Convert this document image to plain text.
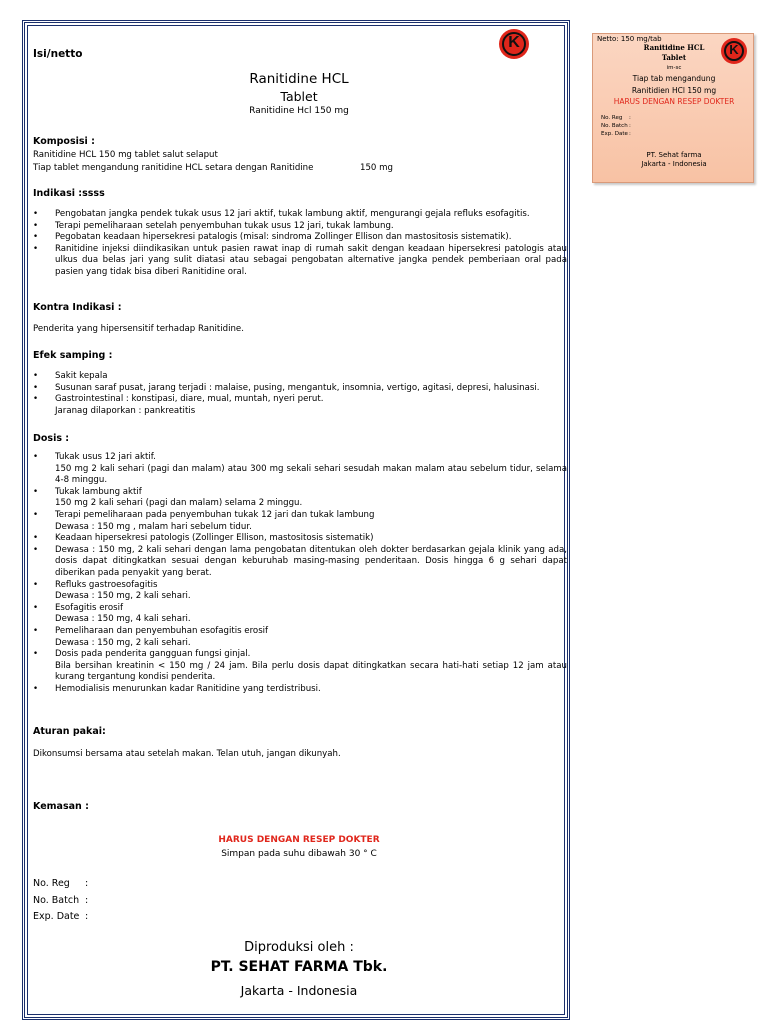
Isi/netto
K
Ranitidine HCL
Tablet
Ranitidine Hcl 150 mg
Komposisi :
Ranitidine HCL 150 mg tablet salut selaput
Tiap tablet mengandung ranitidine HCL setara dengan Ranitidine	150 mg
Indikasi :ssss
• Pengobatan jangka pendek tukak usus 12 jari aktif, tukak lambung aktif, mengurangi gejala refluks esofagitis.
• Terapi pemeliharaan setelah penyembuhan tukak usus 12 jari, tukak lambung.
• Pegobatan keadaan hipersekresi patalogis (misal: sindroma Zollinger Ellison dan mastositosis sistematik).
• Ranitidine injeksi diindikasikan untuk pasien rawat inap di rumah sakit dengan keadaan hipersekresi patologis atau ulkus dua belas jari yang sulit diatasi atau sebagai pengobatan alternative jangka pendek pemberiaan oral pada pasien yang tidak bisa diberi Ranitidine oral.
Kontra Indikasi :
Penderita yang hipersensitif terhadap Ranitidine.
Efek samping :
• Sakit kepala
• Susunan saraf pusat, jarang terjadi : malaise, pusing, mengantuk, insomnia, vertigo, agitasi, depresi, halusinasi.
• Gastrointestinal : konstipasi, diare, mual, muntah, nyeri perut.
Jaranag dilaporkan : pankreatitis
Dosis :
• Tukak usus 12 jari aktif.
150 mg 2 kali sehari (pagi dan malam) atau 300 mg sekali sehari sesudah makan malam atau sebelum tidur, selama 4-8 minggu.
• Tukak lambung aktif
150 mg 2 kali sehari (pagi dan malam) selama 2 minggu.
• Terapi pemeliharaan pada penyembuhan tukak 12 jari dan tukak lambung
Dewasa : 150 mg , malam hari sebelum tidur.
• Keadaan hipersekresi patologis (Zollinger Ellison, mastositosis sistematik)
• Dewasa : 150 mg, 2 kali sehari dengan lama pengobatan ditentukan oleh dokter berdasarkan gejala klinik yang ada, dosis dapat ditingkatkan sesuai dengan keburuhab masing-masing penderitaan. Dosis hingga 6 g sehari dapat diberikan pada penyakit yang berat.
• Refluks gastroesofagitis
Dewasa : 150 mg, 2 kali sehari.
• Esofagitis erosif
Dewasa : 150 mg, 4 kali sehari.
• Pemeliharaan dan penyembuhan esofagitis erosif
Dewasa : 150 mg, 2 kali sehari.
• Dosis pada penderita gangguan fungsi ginjal.
Bila bersihan kreatinin < 150 mg / 24 jam. Bila perlu dosis dapat ditingkatkan secara hati-hati setiap 12 jam atau kurang tergantung kondisi penderita.
• Hemodialisis menurunkan kadar Ranitidine yang terdistribusi.
Aturan pakai:
Dikonsumsi bersama atau setelah makan. Telan utuh, jangan dikunyah.
Kemasan :
HARUS DENGAN RESEP DOKTER
Simpan pada suhu dibawah 30 ° C
No. Reg :
No. Batch :
Exp. Date :
Diproduksi oleh :
PT. SEHAT FARMA Tbk.
Jakarta - Indonesia
Netto: 150 mg/tab
K
Ranitidine HCL
Tablet
im-sc
Tiap tab mengandung
Ranitidien HCl 150 mg
HARUS DENGAN RESEP DOKTER
No. Reg :
No. Batch:
Exp. Date:
PT. Sehat farma
Jakarta - Indonesia
